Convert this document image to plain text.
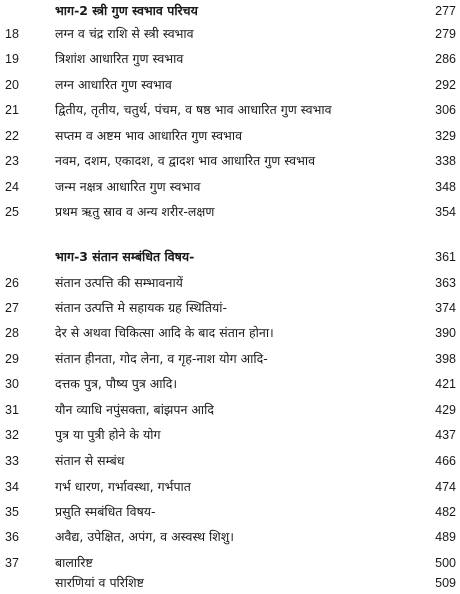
भाग-2 स्त्री गुण स्वभाव परिचय	277
18	लग्न व चंद्र राशि से स्त्री स्वभाव	279
19	त्रिशांश आधारित गुण स्वभाव	286
20	लग्न आधारित गुण स्वभाव	292
21	द्वितीय, तृतीय, चतुर्थ, पंचम, व षष्ठ भाव आधारित गुण स्वभाव	306
22	सप्तम व अष्टम भाव आधारित गुण स्वभाव	329
23	नवम, दशम, एकादश, व द्वादश भाव आधारित गुण स्वभाव	338
24	जन्म नक्षत्र आधारित गुण स्वभाव	348
25	प्रथम ऋतु स्राव व अन्य शरीर-लक्षण	354
भाग-3 संतान सम्बंधित विषय-	361
26	संतान उत्पत्ति की सम्भावनायें	363
27	संतान उत्पत्ति मे सहायक ग्रह स्थितियां-	374
28	देर से अथवा चिकित्सा आदि के बाद संतान होना।	390
29	संतान हीनता, गोद लेना, व गृह-नाश योग आदि-	398
30	दत्तक पुत्र, पौष्य पुत्र आदि।	421
31	यौन व्याधि नपुंसक्ता, बांझपन आदि	429
32	पुत्र या पुत्री होने के योग	437
33	संतान से सम्बंध	466
34	गर्भ धारण, गर्भावस्था, गर्भपात	474
35	प्रसुति स्मबंधित विषय-	482
36	अवैद्य, उपेक्षित, अपंग, व अस्वस्थ शिशु।	489
37	बालारिष्ट	500
सारणियां व परिशिष्ट	509
